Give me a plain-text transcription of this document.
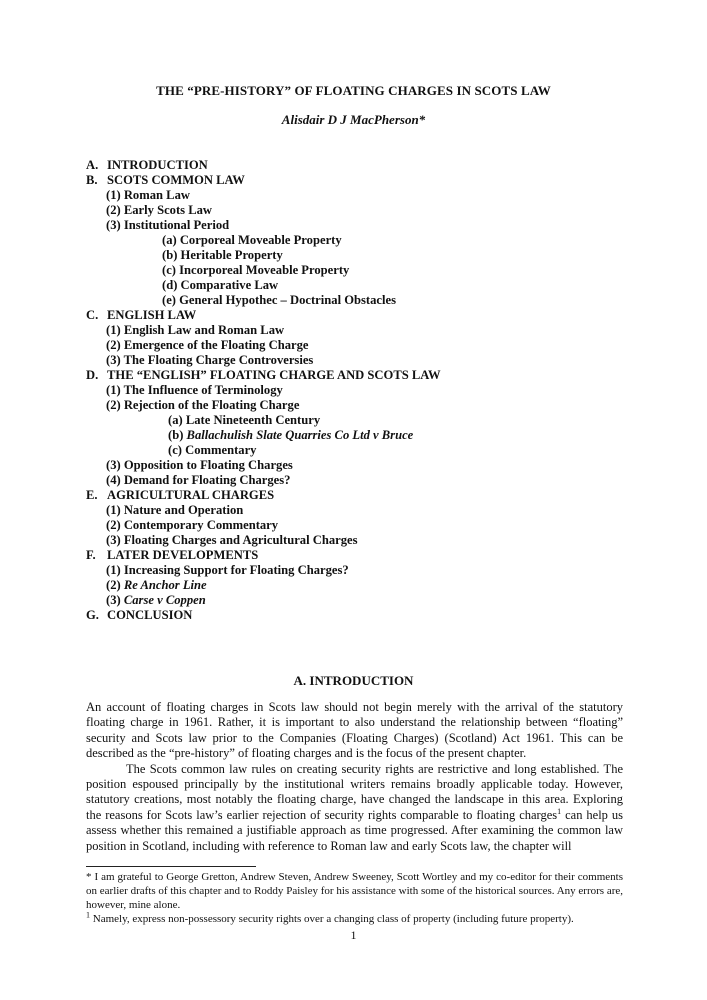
THE “PRE-HISTORY” OF FLOATING CHARGES IN SCOTS LAW
Alisdair D J MacPherson*
A. INTRODUCTION
B. SCOTS COMMON LAW
(1) Roman Law
(2) Early Scots Law
(3) Institutional Period
(a) Corporeal Moveable Property
(b) Heritable Property
(c) Incorporeal Moveable Property
(d) Comparative Law
(e) General Hypothec – Doctrinal Obstacles
C. ENGLISH LAW
(1) English Law and Roman Law
(2) Emergence of the Floating Charge
(3) The Floating Charge Controversies
D. THE “ENGLISH” FLOATING CHARGE AND SCOTS LAW
(1) The Influence of Terminology
(2) Rejection of the Floating Charge
(a) Late Nineteenth Century
(b) Ballachulish Slate Quarries Co Ltd v Bruce
(c) Commentary
(3) Opposition to Floating Charges
(4) Demand for Floating Charges?
E. AGRICULTURAL CHARGES
(1) Nature and Operation
(2) Contemporary Commentary
(3) Floating Charges and Agricultural Charges
F. LATER DEVELOPMENTS
(1) Increasing Support for Floating Charges?
(2) Re Anchor Line
(3) Carse v Coppen
G. CONCLUSION
A. INTRODUCTION

An account of floating charges in Scots law should not begin merely with the arrival of the statutory floating charge in 1961. Rather, it is important to also understand the relationship between “floating” security and Scots law prior to the Companies (Floating Charges) (Scotland) Act 1961. This can be described as the “pre-history” of floating charges and is the focus of the present chapter.

The Scots common law rules on creating security rights are restrictive and long established. The position espoused principally by the institutional writers remains broadly applicable today. However, statutory creations, most notably the floating charge, have changed the landscape in this area. Exploring the reasons for Scots law’s earlier rejection of security rights comparable to floating charges$^1$ can help us assess whether this remained a justifiable approach as time progressed. After examining the common law position in Scotland, including with reference to Roman law and early Scots law, the chapter will

* I am grateful to George Gretton, Andrew Steven, Andrew Sweeney, Scott Wortley and my co-editor for their comments on earlier drafts of this chapter and to Roddy Paisley for his assistance with some of the historical sources. Any errors are, however, mine alone.

$^1$ Namely, express non-possessory security rights over a changing class of property (including future property).

1
